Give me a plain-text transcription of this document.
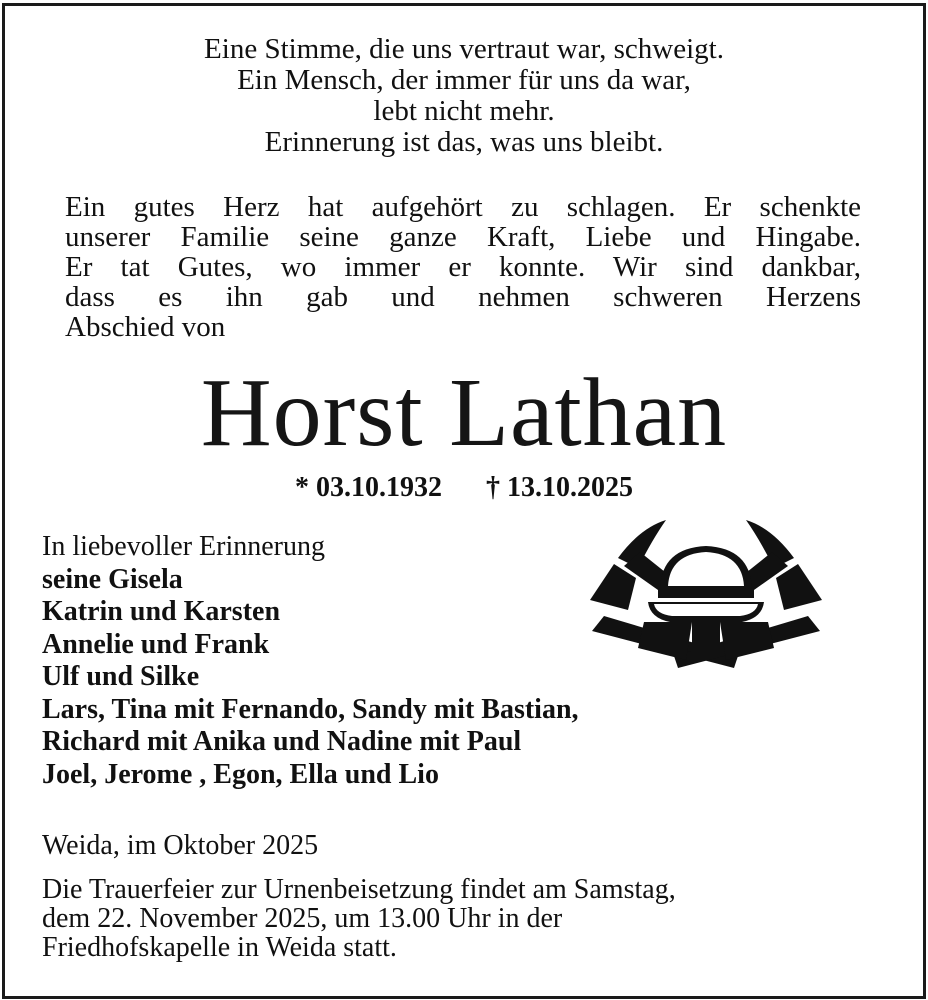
Eine Stimme, die uns vertraut war, schweigt.
Ein Mensch, der immer für uns da war,
lebt nicht mehr.
Erinnerung ist das, was uns bleibt.
Ein gutes Herz hat aufgehört zu schlagen. Er schenkte
unserer Familie seine ganze Kraft, Liebe und Hingabe.
Er tat Gutes, wo immer er konnte. Wir sind dankbar,
dass es ihn gab und nehmen schweren Herzens
Abschied von
Horst Lathan
* 03.10.1932 † 13.10.2025
In liebevoller Erinnerung
seine Gisela
Katrin und Karsten
Annelie und Frank
Ulf und Silke
Lars, Tina mit Fernando, Sandy mit Bastian,
Richard mit Anika und Nadine mit Paul
Joel, Jerome , Egon, Ella und Lio
Weida, im Oktober 2025
Die Trauerfeier zur Urnenbeisetzung findet am Samstag,
dem 22. November 2025, um 13.00 Uhr in der
Friedhofskapelle in Weida statt.
